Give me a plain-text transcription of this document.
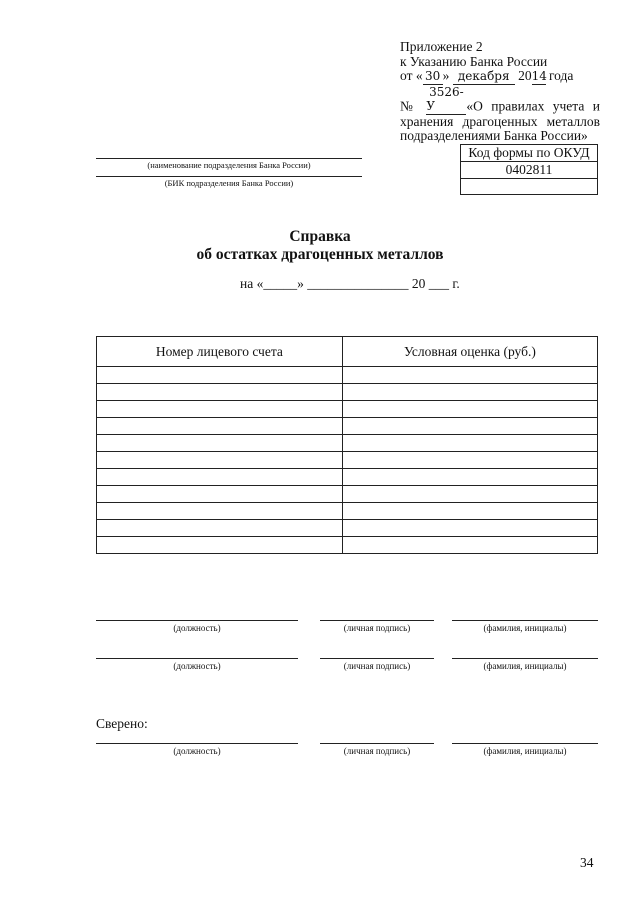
Приложение 2
к Указанию Банка России
от « 30 » декабря 2014 года
№ 3526-У «О правилах учета и
хранения драгоценных металлов
подразделениями Банка России»
(наименование подразделения Банка России)
(БИК подразделения Банка России)
Код формы по ОКУД
0402811
Справка
об остатках драгоценных металлов
на «_____» _______________ 20 ___ г.
Номер лицевого счета	Условная оценка (руб.)

(должность)	(личная подпись)	(фамилия, инициалы)
(должность)	(личная подпись)	(фамилия, инициалы)
Сверено:
(должность)	(личная подпись)	(фамилия, инициалы)
34
